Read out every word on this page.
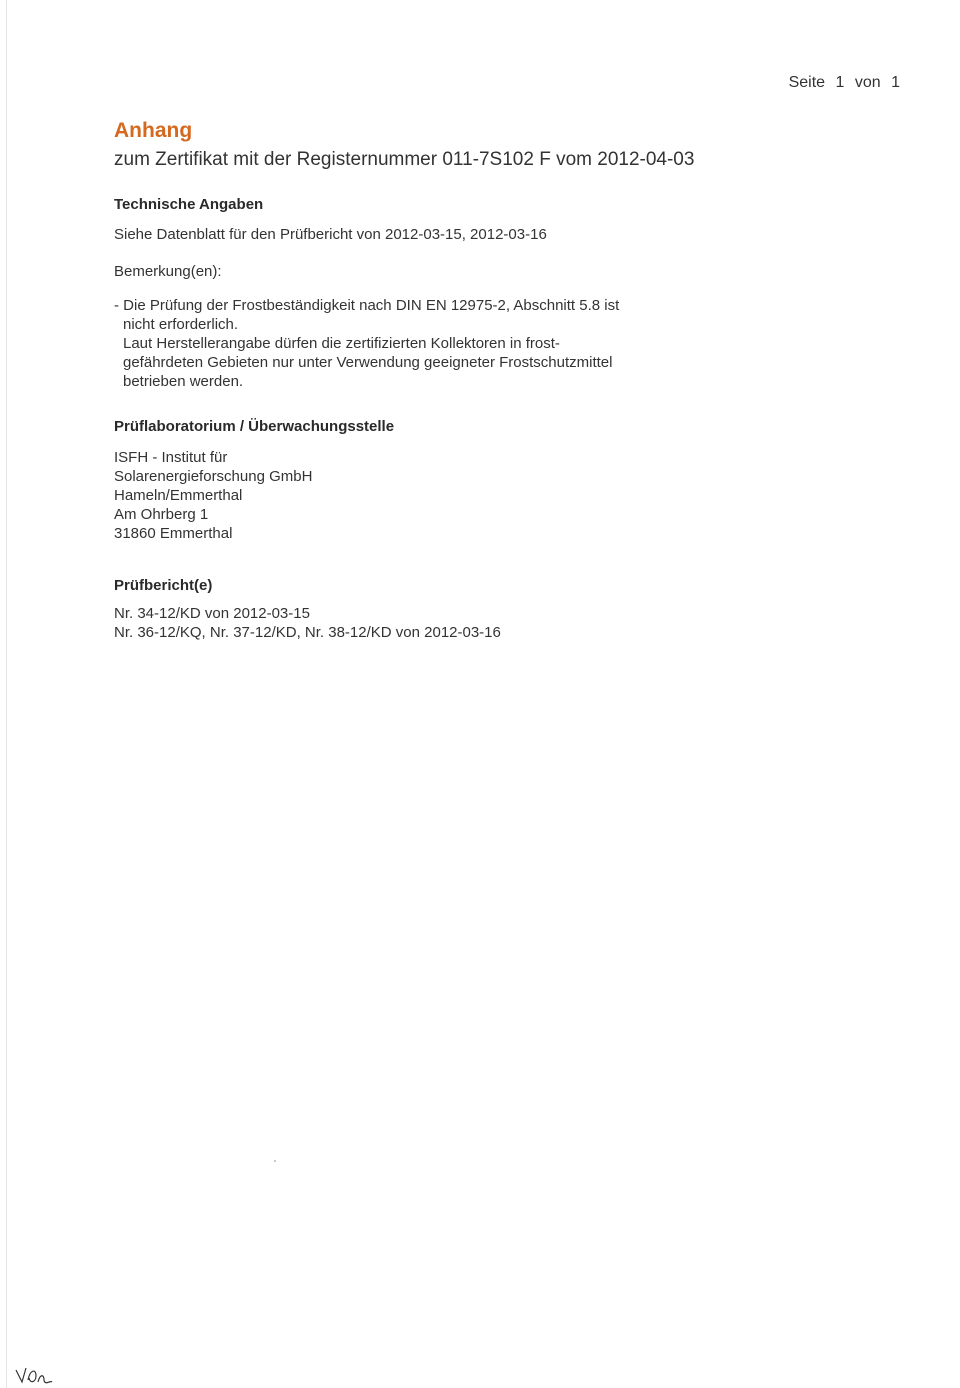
Seite 1 von 1
Anhang

zum Zertifikat mit der Registernummer 011-7S102 F vom 2012-04-03

Technische Angaben

Siehe Datenblatt für den Prüfbericht von 2012-03-15, 2012-03-16

Bemerkung(en):

- Die Prüfung der Frostbeständigkeit nach DIN EN 12975-2, Abschnitt 5.8 ist
nicht erforderlich.
Laut Herstellerangabe dürfen die zertifizierten Kollektoren in frost-
gefährdeten Gebieten nur unter Verwendung geeigneter Frostschutzmittel
betrieben werden.

Prüflaboratorium / Überwachungsstelle

ISFH - Institut für
Solarenergieforschung GmbH
Hameln/Emmerthal
Am Ohrberg 1
31860 Emmerthal

Prüfbericht(e)

Nr. 34-12/KD von 2012-03-15
Nr. 36-12/KQ, Nr. 37-12/KD, Nr. 38-12/KD von 2012-03-16
